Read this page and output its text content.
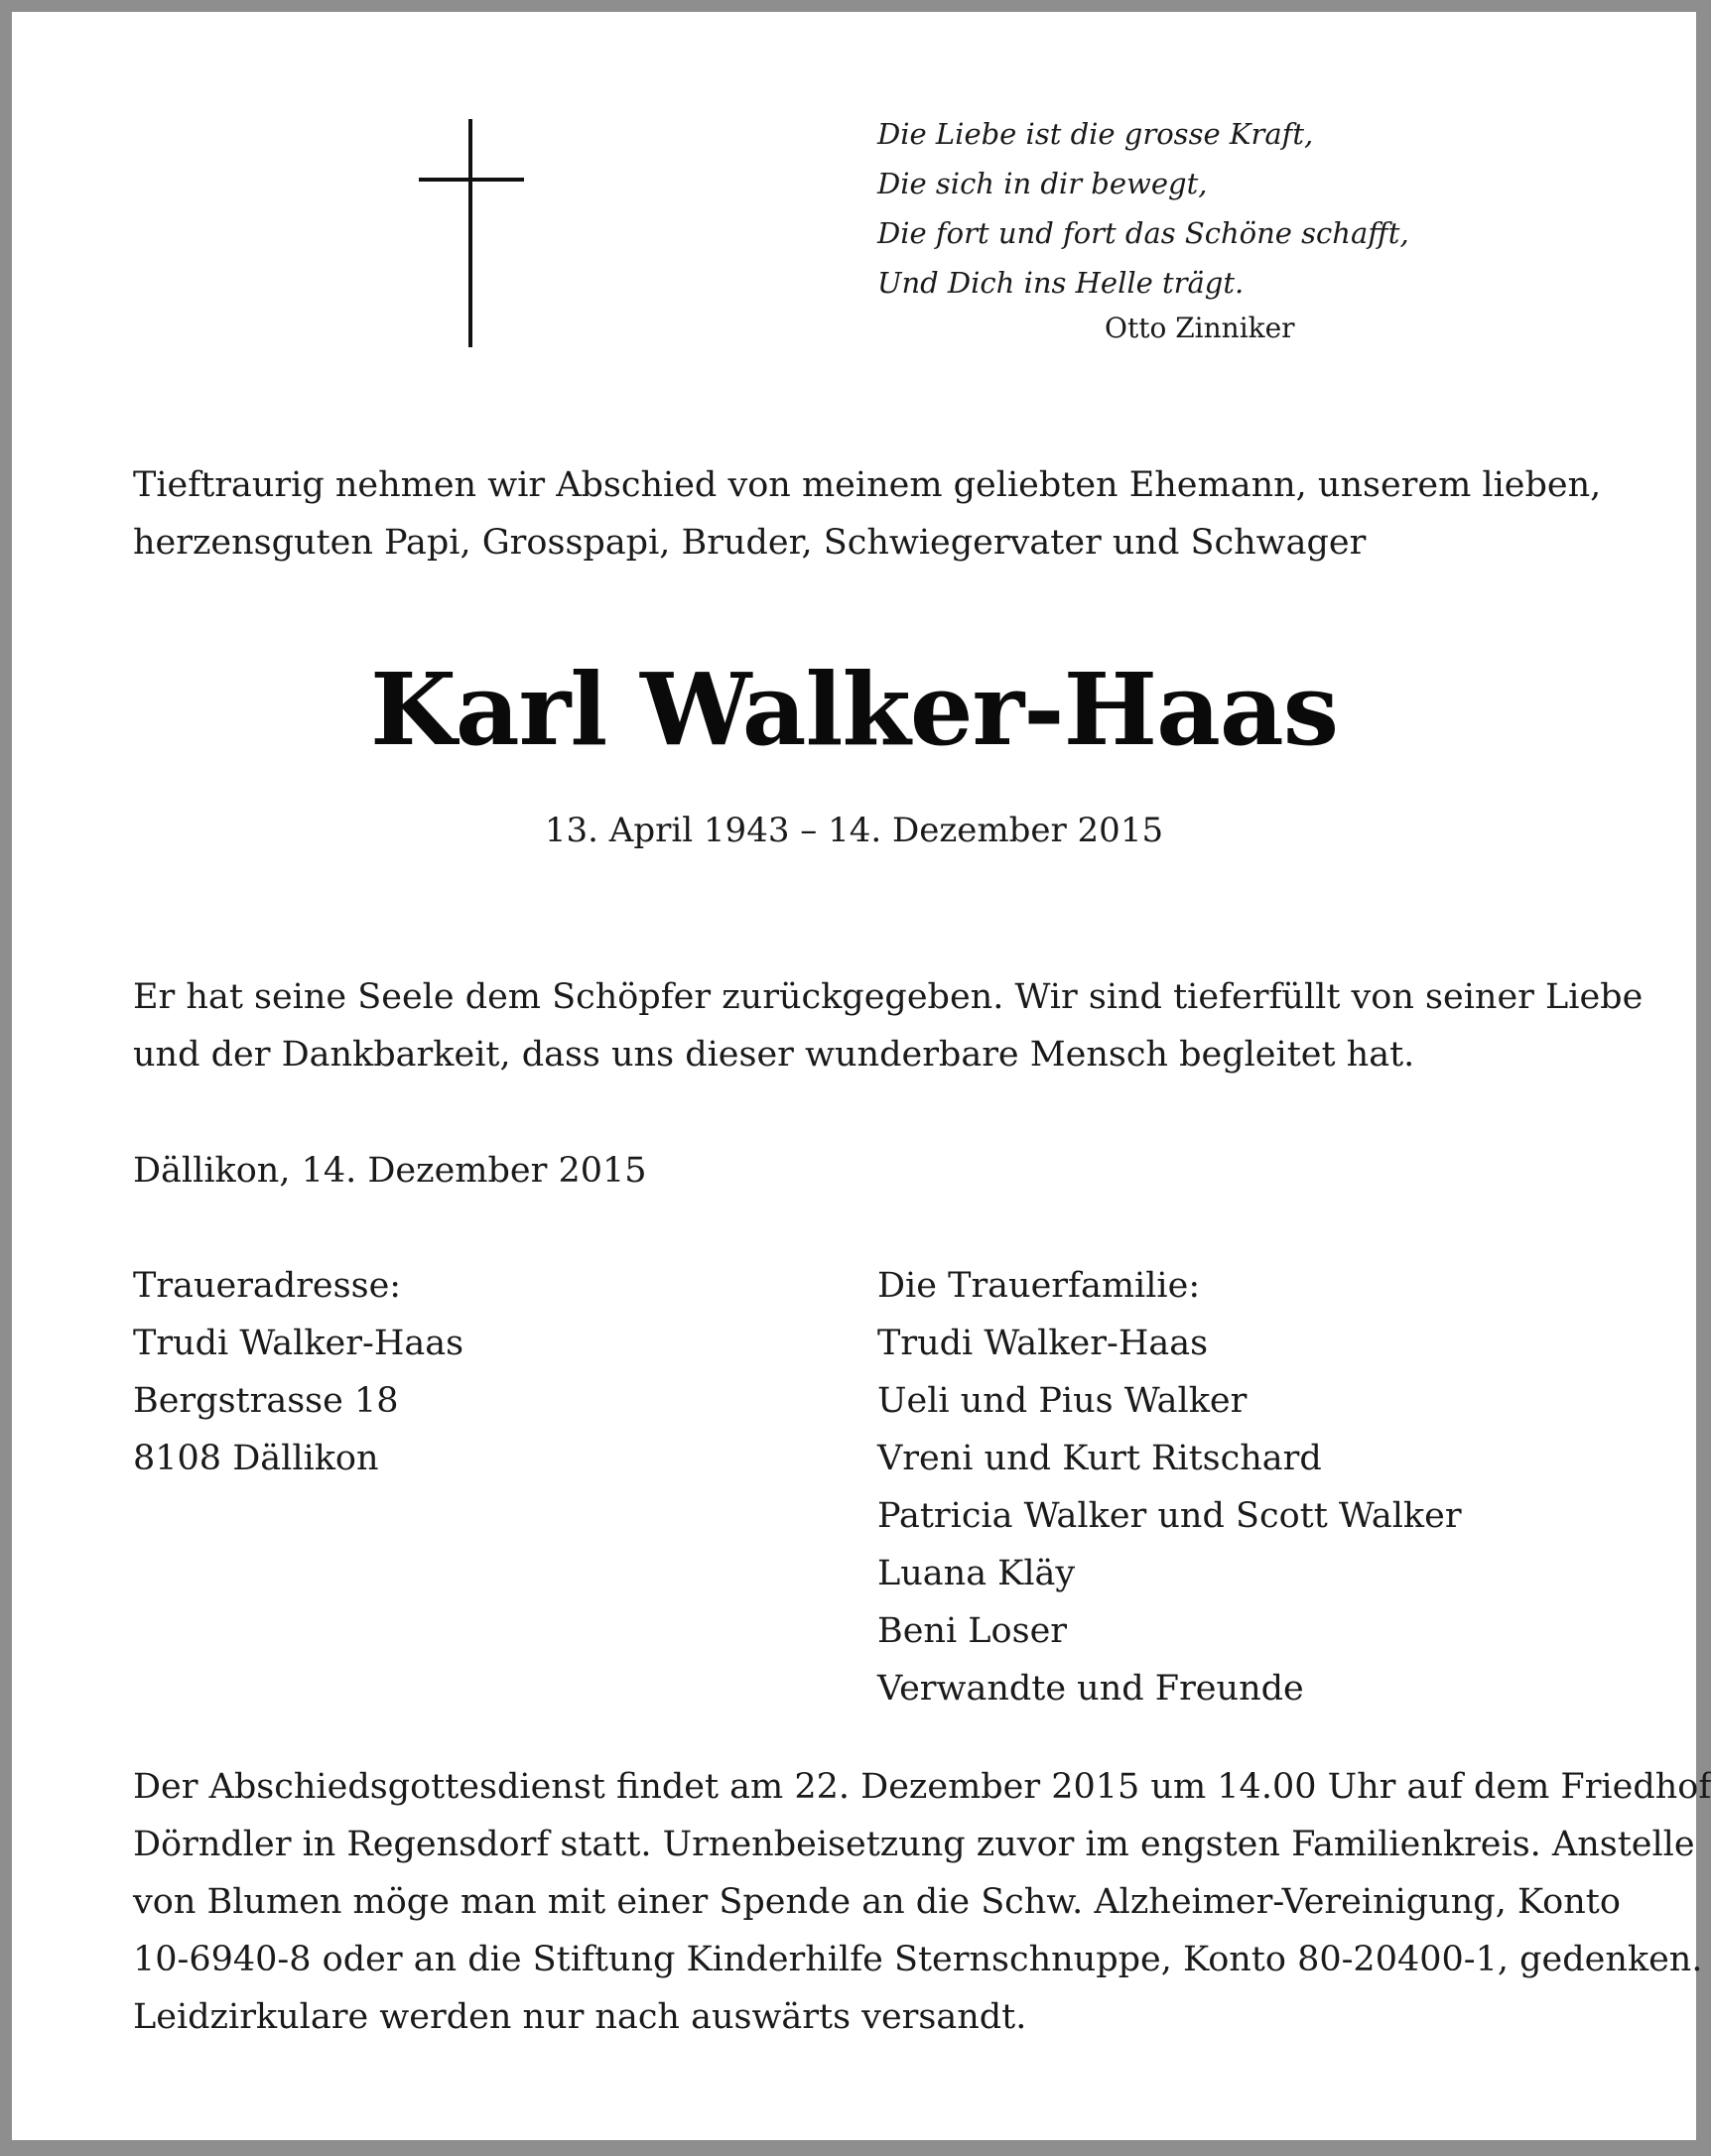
Die Liebe ist die grosse Kraft,
Die sich in dir bewegt,
Die fort und fort das Schöne schafft,
Und Dich ins Helle trägt.
Otto Zinniker
Tieftraurig nehmen wir Abschied von meinem geliebten Ehemann, unserem lieben,
herzensguten Papi, Grosspapi, Bruder, Schwiegervater und Schwager
Karl Walker-Haas
13. April 1943 – 14. Dezember 2015
Er hat seine Seele dem Schöpfer zurückgegeben. Wir sind tieferfüllt von seiner Liebe
und der Dankbarkeit, dass uns dieser wunderbare Mensch begleitet hat.
Dällikon, 14. Dezember 2015
Traueradresse:
Trudi Walker-Haas
Bergstrasse 18
8108 Dällikon
Die Trauerfamilie:
Trudi Walker-Haas
Ueli und Pius Walker
Vreni und Kurt Ritschard
Patricia Walker und Scott Walker
Luana Kläy
Beni Loser
Verwandte und Freunde
Der Abschiedsgottesdienst findet am 22. Dezember 2015 um 14.00 Uhr auf dem Friedhof
Dörndler in Regensdorf statt. Urnenbeisetzung zuvor im engsten Familienkreis. Anstelle
von Blumen möge man mit einer Spende an die Schw. Alzheimer-Vereinigung, Konto
10-6940-8 oder an die Stiftung Kinderhilfe Sternschnuppe, Konto 80-20400-1, gedenken.
Leidzirkulare werden nur nach auswärts versandt.
